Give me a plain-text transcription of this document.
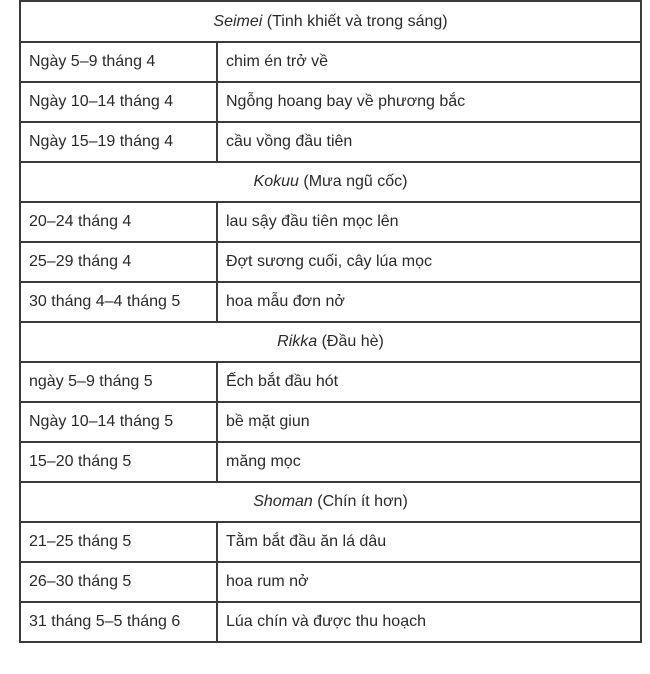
Seimei (Tinh khiết và trong sáng)	
Ngày 5–9 tháng 4	chim én trở về
Ngày 10–14 tháng 4	Ngỗng hoang bay về phương bắc
Ngày 15–19 tháng 4	cầu vồng đầu tiên
Kokuu (Mưa ngũ cốc)	
20–24 tháng 4	lau sậy đầu tiên mọc lên
25–29 tháng 4	Đợt sương cuối, cây lúa mọc
30 tháng 4–4 tháng 5	hoa mẫu đơn nở
Rikka (Đầu hè)	
ngày 5–9 tháng 5	Ếch bắt đầu hót
Ngày 10–14 tháng 5	bề mặt giun
15–20 tháng 5	măng mọc
Shoman (Chín ít hơn)	
21–25 tháng 5	Tằm bắt đầu ăn lá dâu
26–30 tháng 5	hoa rum nở
31 tháng 5–5 tháng 6	Lúa chín và được thu hoạch
